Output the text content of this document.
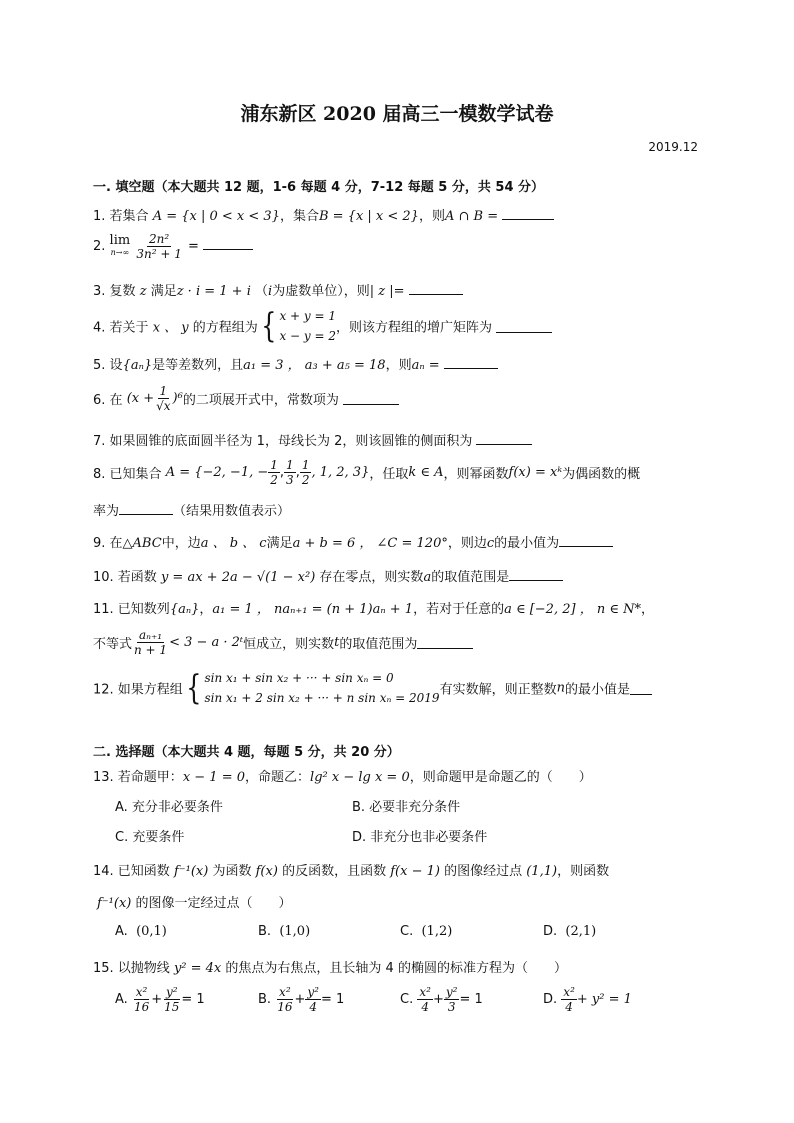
浦东新区 2020 届高三一模数学试卷
2019.12
一. 填空题（本大题共 12 题，1-6 每题 4 分，7-12 每题 5 分，共 54 分）
1. 若集合 A = {x | 0 < x < 3}，集合B = {x | x < 2}，则A ∩ B =
2. lim
n→∞
$\frac{\text{2n²}}{\text{3n² + 1}}$ =
3. 复数 z 满足z · i = 1 + i （i为虚数单位），则| z |=
4. 若关于 x 、 y 的方程组为{ x + y = 1
x − y = 2
，则该方程组的增广矩阵为
5. 设{aₙ}是等差数列，且a₁ = 3 ， a₃ + a₅ = 18，则aₙ =
6. 在 $(x + \frac{1}{√x} )^6$的二项展开式中，常数项为
7. 如果圆锥的底面圆半径为 1，母线长为 2，则该圆锥的侧面积为
8. 已知集合 A = {−2, −1, − $\frac{1}{2}$ , $\frac{1}{3}$ , $\frac{1}{2}$ , 1, 2, 3}，任取k ∈ A，则幂函数f(x) = xᵏ为偶函数的概
率为	（结果用数值表示）
9. 在△ABC中，边a 、 b 、 c满足a + b = 6 ， ∠C = 120°，则边c的最小值为
10. 若函数 y = ax + 2a − √(1 − x²) 存在零点，则实数a的取值范围是
11. 已知数列{aₙ}，a₁ = 1 ， naₙ₊₁ = (n + 1)aₙ + 1，若对于任意的a ∈ [−2, 2] ， n ∈ N*，
不等式 $\frac{\text{aₙ₊₁}}{n + 1} < 3 - a$ · 2ᵗ恒成立，则实数t的取值范围为
12. 如果方程组{ sin x₁ + sin x₂ + ··· + sin xₙ = 0
sin x₁ + 2 sin x₂ + ··· + n sin xₙ = 2019
有实数解，则正整数n的最小值是
二. 选择题（本大题共 4 题，每题 5 分，共 20 分）
13. 若命题甲：x − 1 = 0，命题乙：lg² x − lg x = 0，则命题甲是命题乙的（　　）
A. 充分非必要条件	B. 必要非充分条件
C. 充要条件	D. 非充分也非必要条件
14. 已知函数 f⁻¹(x) 为函数 f(x) 的反函数，且函数 f(x − 1) 的图像经过点 (1,1)，则函数
f⁻¹(x) 的图像一定经过点（　　）
A. (0,1)	B. (1,0)	C. (1,2)	D. (2,1)
15. 以抛物线 y² = 4x 的焦点为右焦点，且长轴为 4 的椭圆的标准方程为（　　）
A. $\frac{\text{x²}}{16} + \frac{\text{y²}}{15} = 1$	B. $\frac{\text{x²}}{16} + \frac{\text{y²}}{4} = 1$	C. $\frac{\text{x²}}{4} + \frac{\text{y²}}{3} = 1$	D. $\frac{\text{x²}}{4} + y^2 = 1$
